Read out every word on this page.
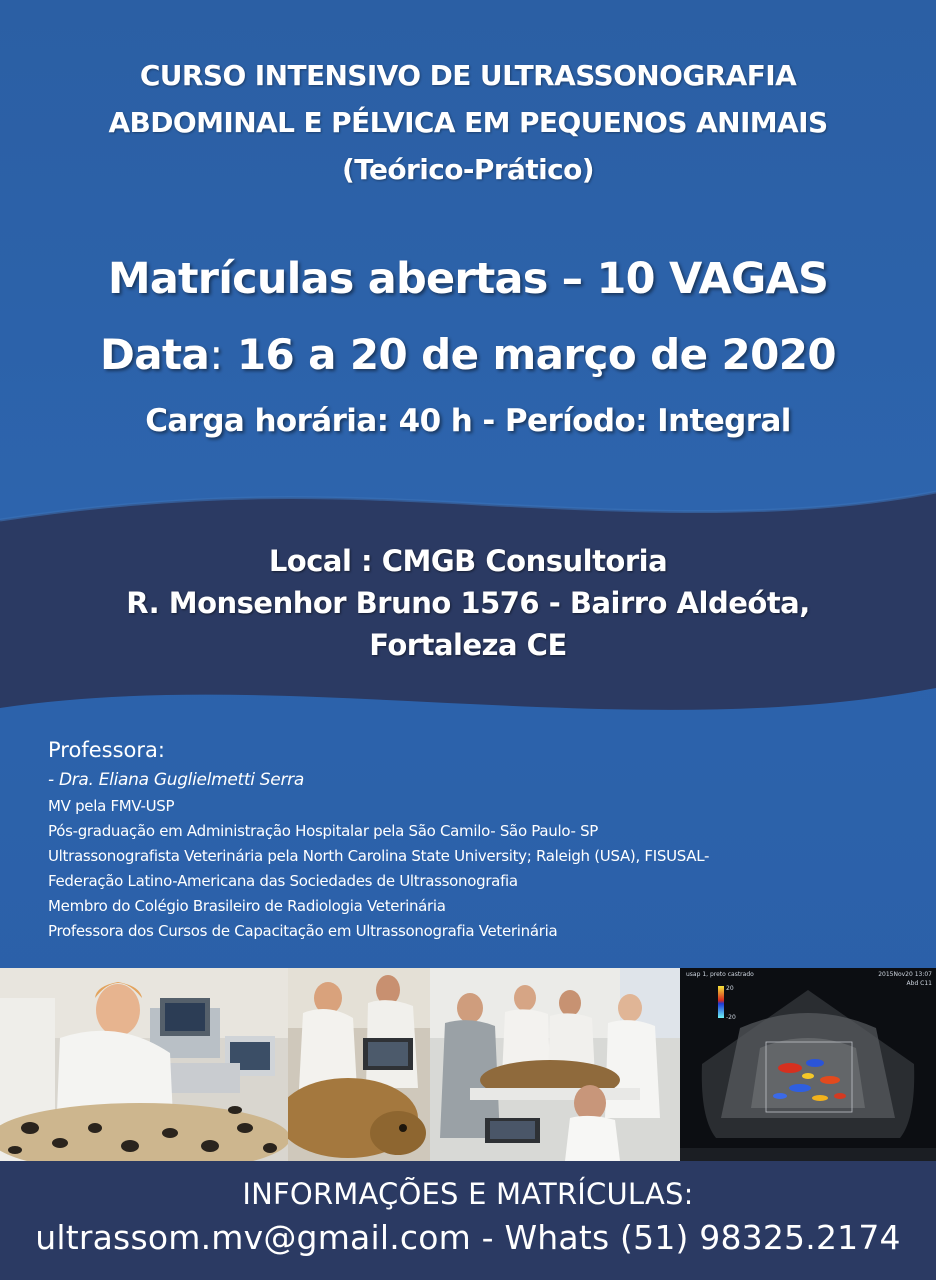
CURSO INTENSIVO DE ULTRASSONOGRAFIA
ABDOMINAL E PÉLVICA EM PEQUENOS ANIMAIS
(Teórico-Prático)
Matrículas abertas – 10 VAGAS
Data: 16 a 20 de março de 2020
Carga horária: 40 h - Período: Integral
Local : CMGB Consultoria
R. Monsenhor Bruno 1576 - Bairro Aldeóta,
Fortaleza CE
Professora:
- Dra. Eliana Guglielmetti Serra
MV pela FMV-USP
Pós-graduação em Administração Hospitalar pela São Camilo- São Paulo- SP
Ultrassonografista Veterinária pela North Carolina State University; Raleigh (USA), FISUSAL-
Federação Latino-Americana das Sociedades de Ultrassonografia
Membro do Colégio Brasileiro de Radiologia Veterinária
Professora dos Cursos de Capacitação em Ultrassonografia Veterinária
usap 1, preto castrado	2015Nov20 13:07
20
-20
Abd C11
INFORMAÇÕES E MATRÍCULAS:
ultrassom.mv@gmail.com - Whats (51) 98325.2174
